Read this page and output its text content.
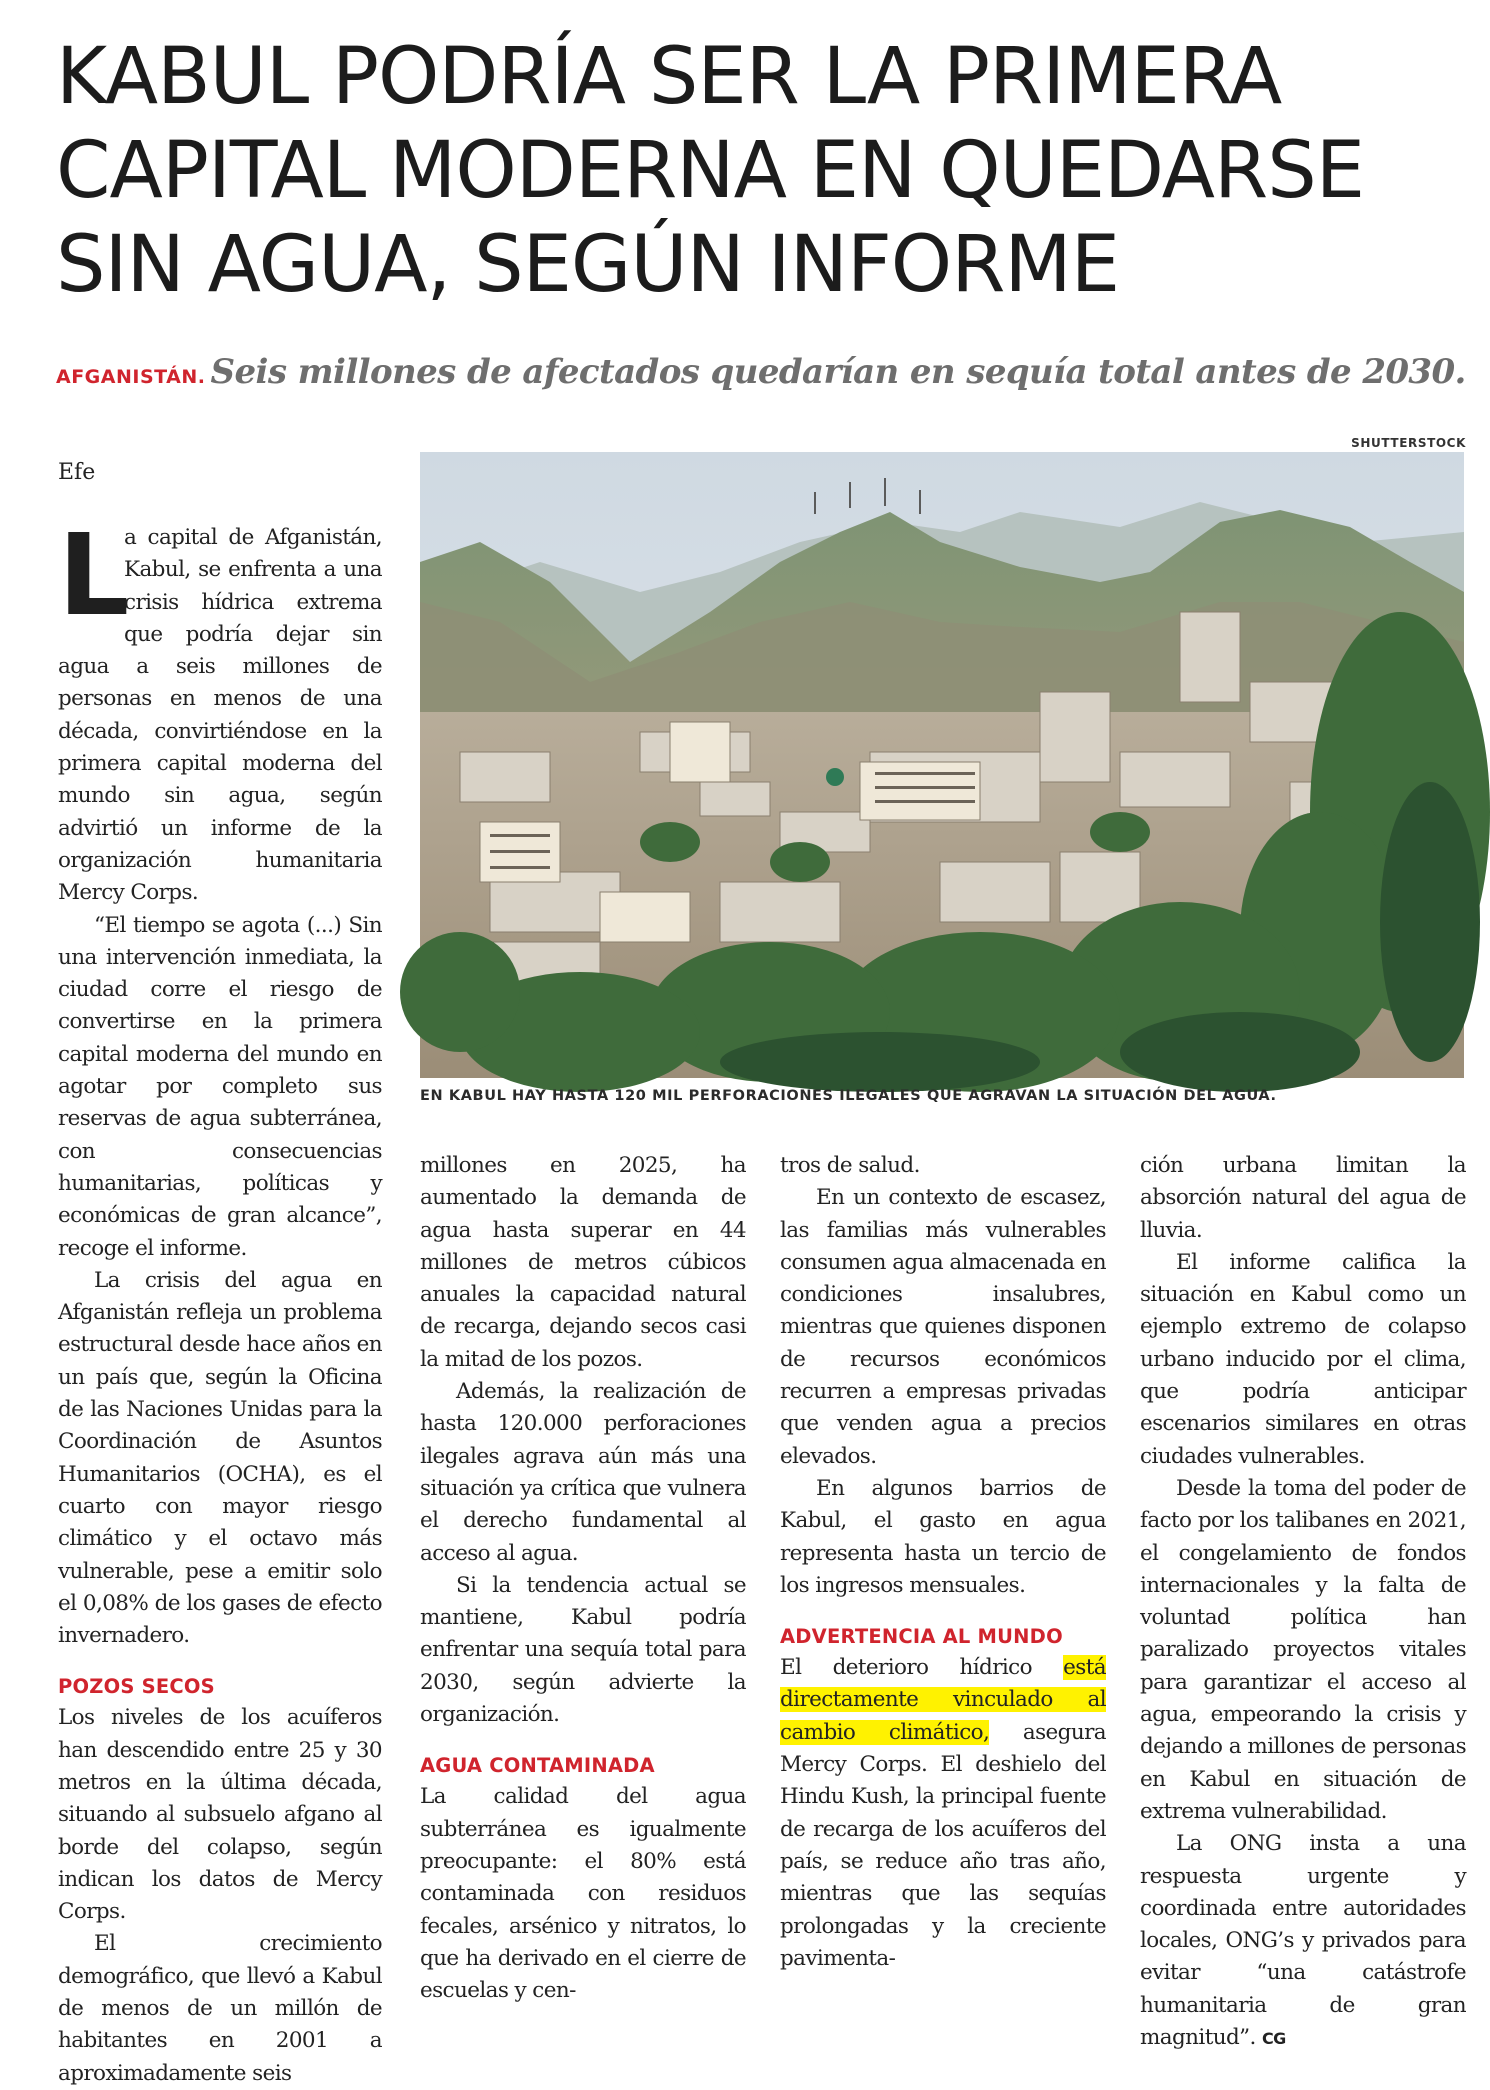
KABUL PODRÍA SER LA PRIMERA
CAPITAL MODERNA EN QUEDARSE
SIN AGUA, SEGÚN INFORME
AFGANISTÁN. Seis millones de afectados quedarían en sequía total antes de 2030.
SHUTTERSTOCK
EN KABUL HAY HASTA 120 MIL PERFORACIONES ILEGALES QUE AGRAVAN LA SITUACIÓN DEL AGUA.
Efe
L

a capital de Afganistán, Kabul, se enfrenta a una crisis hídrica extrema que podría dejar sin agua a seis millones de personas en menos de una década, convirtiéndose en la primera capital moderna del mundo sin agua, según advirtió un informe de la organización humanitaria Mercy Corps.

“El tiempo se agota (...) Sin una intervención inmediata, la ciudad corre el riesgo de convertirse en la primera capital moderna del mundo en agotar por completo sus reservas de agua subterránea, con consecuencias humanitarias, políticas y económicas de gran alcance”, recoge el informe.

La crisis del agua en Afganistán refleja un problema estructural desde hace años en un país que, según la Oficina de las Naciones Unidas para la Coordinación de Asuntos Humanitarios (OCHA), es el cuarto con mayor riesgo climático y el octavo más vulnerable, pese a emitir solo el 0,08% de los gases de efecto invernadero.

POZOS SECOS

Los niveles de los acuíferos han descendido entre 25 y 30 metros en la última década, situando al subsuelo afgano al borde del colapso, según indican los datos de Mercy Corps.

El crecimiento demográfico, que llevó a Kabul de menos de un millón de habitantes en 2001 a aproximadamente seis

millones en 2025, ha aumentado la demanda de agua hasta superar en 44 millones de metros cúbicos anuales la capacidad natural de recarga, dejando secos casi la mitad de los pozos.

Además, la realización de hasta 120.000 perforaciones ilegales agrava aún más una situación ya crítica que vulnera el derecho fundamental al acceso al agua.

Si la tendencia actual se mantiene, Kabul podría enfrentar una sequía total para 2030, según advierte la organización.

AGUA CONTAMINADA

La calidad del agua subterránea es igualmente preocupante: el 80% está contaminada con residuos fecales, arsénico y nitratos, lo que ha derivado en el cierre de escuelas y cen-

tros de salud.

En un contexto de escasez, las familias más vulnerables consumen agua almacenada en condiciones insalubres, mientras que quienes disponen de recursos económicos recurren a empresas privadas que venden agua a precios elevados.

En algunos barrios de Kabul, el gasto en agua representa hasta un tercio de los ingresos mensuales.

ADVERTENCIA AL MUNDO

El deterioro hídrico está directamente vinculado al cambio climático, asegura Mercy Corps. El deshielo del Hindu Kush, la principal fuente de recarga de los acuíferos del país, se reduce año tras año, mientras que las sequías prolongadas y la creciente pavimenta-

ción urbana limitan la absorción natural del agua de lluvia.

El informe califica la situación en Kabul como un ejemplo extremo de colapso urbano inducido por el clima, que podría anticipar escenarios similares en otras ciudades vulnerables.

Desde la toma del poder de facto por los talibanes en 2021, el congelamiento de fondos internacionales y la falta de voluntad política han paralizado proyectos vitales para garantizar el acceso al agua, empeorando la crisis y dejando a millones de personas en Kabul en situación de extrema vulnerabilidad.

La ONG insta a una respuesta urgente y coordinada entre autoridades locales, ONG’s y privados para evitar “una catástrofe humanitaria de gran magnitud”. CG
